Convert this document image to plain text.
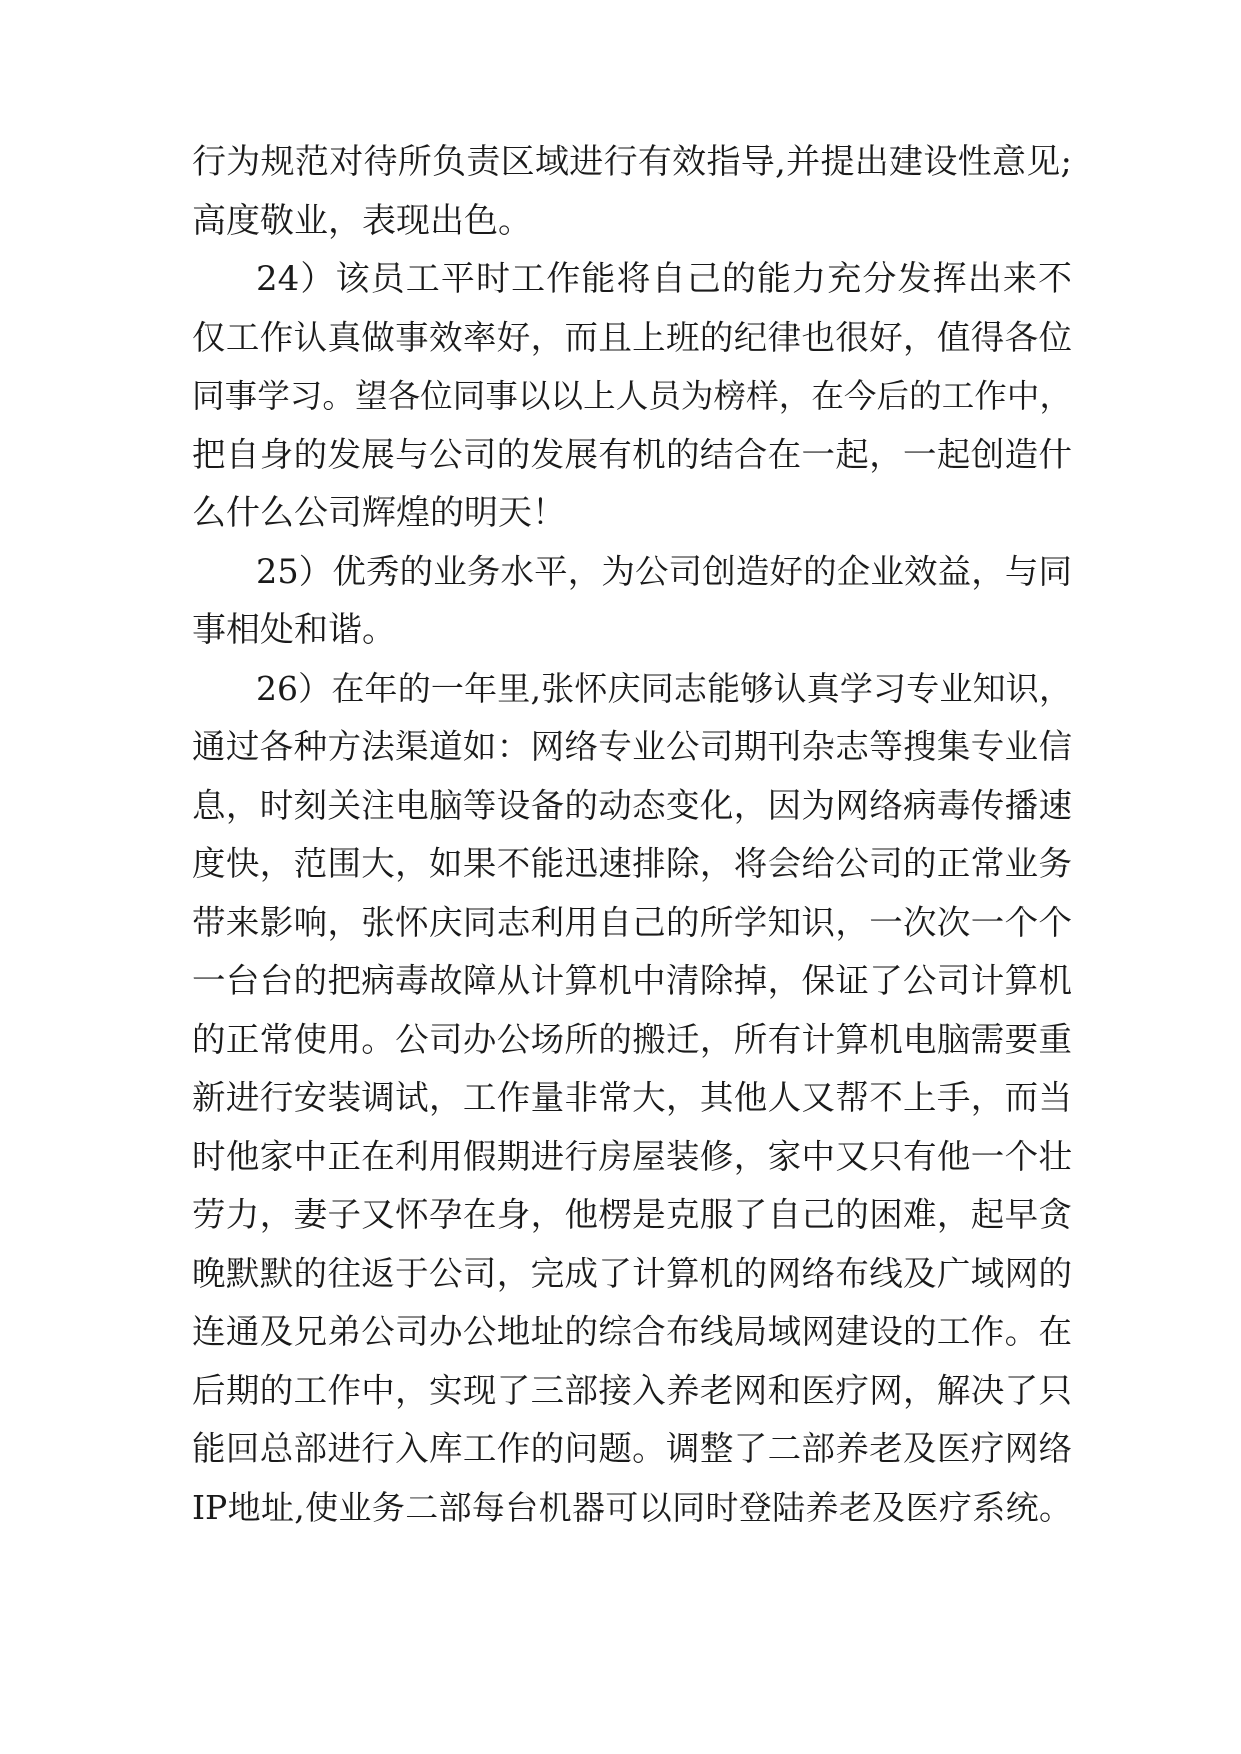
行为规范对待所负责区域进行有效指导,并提出建设性意见;
高度敬业，表现出色。
24）该员工平时工作能将自己的能力充分发挥出来不
仅工作认真做事效率好，而且上班的纪律也很好，值得各位
同事学习。望各位同事以以上人员为榜样，在今后的工作中，
把自身的发展与公司的发展有机的结合在一起，一起创造什
么什么公司辉煌的明天！
25）优秀的业务水平，为公司创造好的企业效益，与同
事相处和谐。
26）在年的一年里,张怀庆同志能够认真学习专业知识，
通过各种方法渠道如：网络专业公司期刊杂志等搜集专业信
息，时刻关注电脑等设备的动态变化，因为网络病毒传播速
度快，范围大，如果不能迅速排除，将会给公司的正常业务
带来影响，张怀庆同志利用自己的所学知识，一次次一个个
一台台的把病毒故障从计算机中清除掉，保证了公司计算机
的正常使用。公司办公场所的搬迁，所有计算机电脑需要重
新进行安装调试，工作量非常大，其他人又帮不上手，而当
时他家中正在利用假期进行房屋装修，家中又只有他一个壮
劳力，妻子又怀孕在身，他楞是克服了自己的困难，起早贪
晚默默的往返于公司，完成了计算机的网络布线及广域网的
连通及兄弟公司办公地址的综合布线局域网建设的工作。在
后期的工作中，实现了三部接入养老网和医疗网，解决了只
能回总部进行入库工作的问题。调整了二部养老及医疗网络
IP地址,使业务二部每台机器可以同时登陆养老及医疗系统。
